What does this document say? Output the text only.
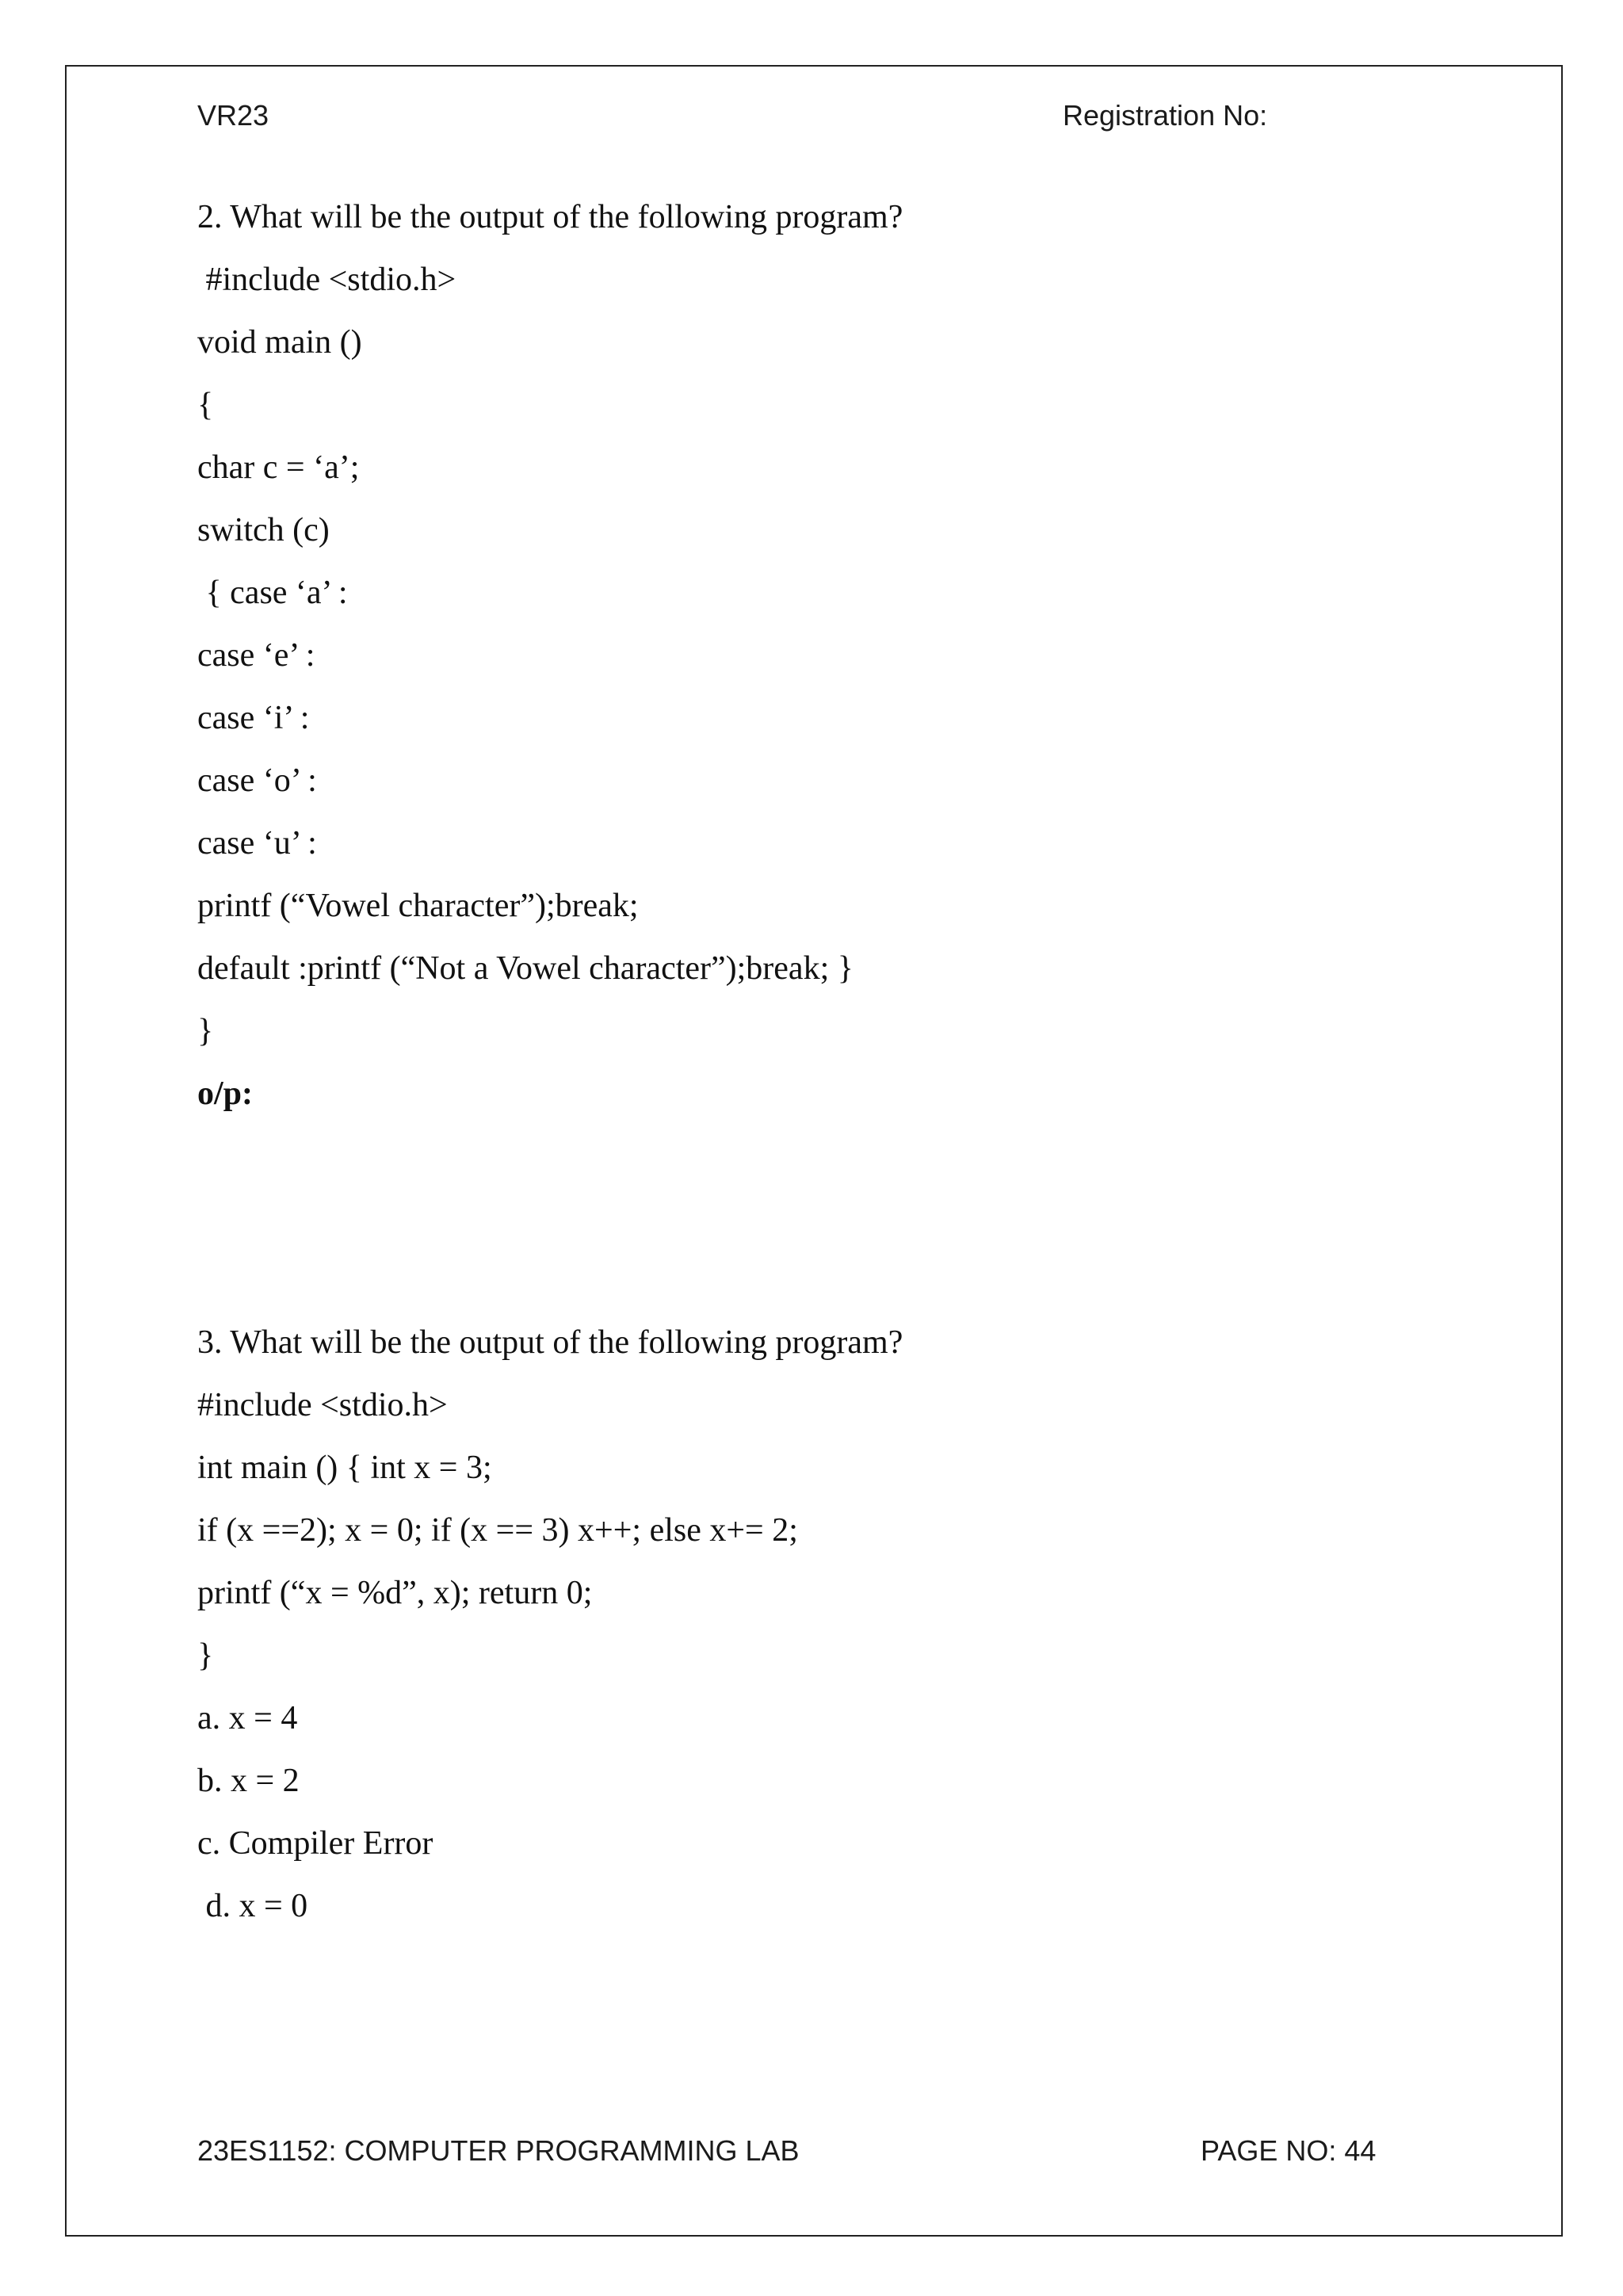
VR23	Registration No:
2. What will be the output of the following program?
#include <stdio.h>
void main ()
{
char c = ‘a’;
switch (c)
{ case ‘a’ :
case ‘e’ :
case ‘i’ :
case ‘o’ :
case ‘u’ :
printf (“Vowel character”);break;
default :printf (“Not a Vowel character”);break; }
}
o/p:
3. What will be the output of the following program?
#include <stdio.h>
int main () { int x = 3;
if (x ==2); x = 0; if (x == 3) x++; else x+= 2;
printf (“x = %d”, x); return 0;
}
a. x = 4
b. x = 2
c. Compiler Error
d. x = 0
23ES1152: COMPUTER PROGRAMMING LAB	PAGE NO: 44
